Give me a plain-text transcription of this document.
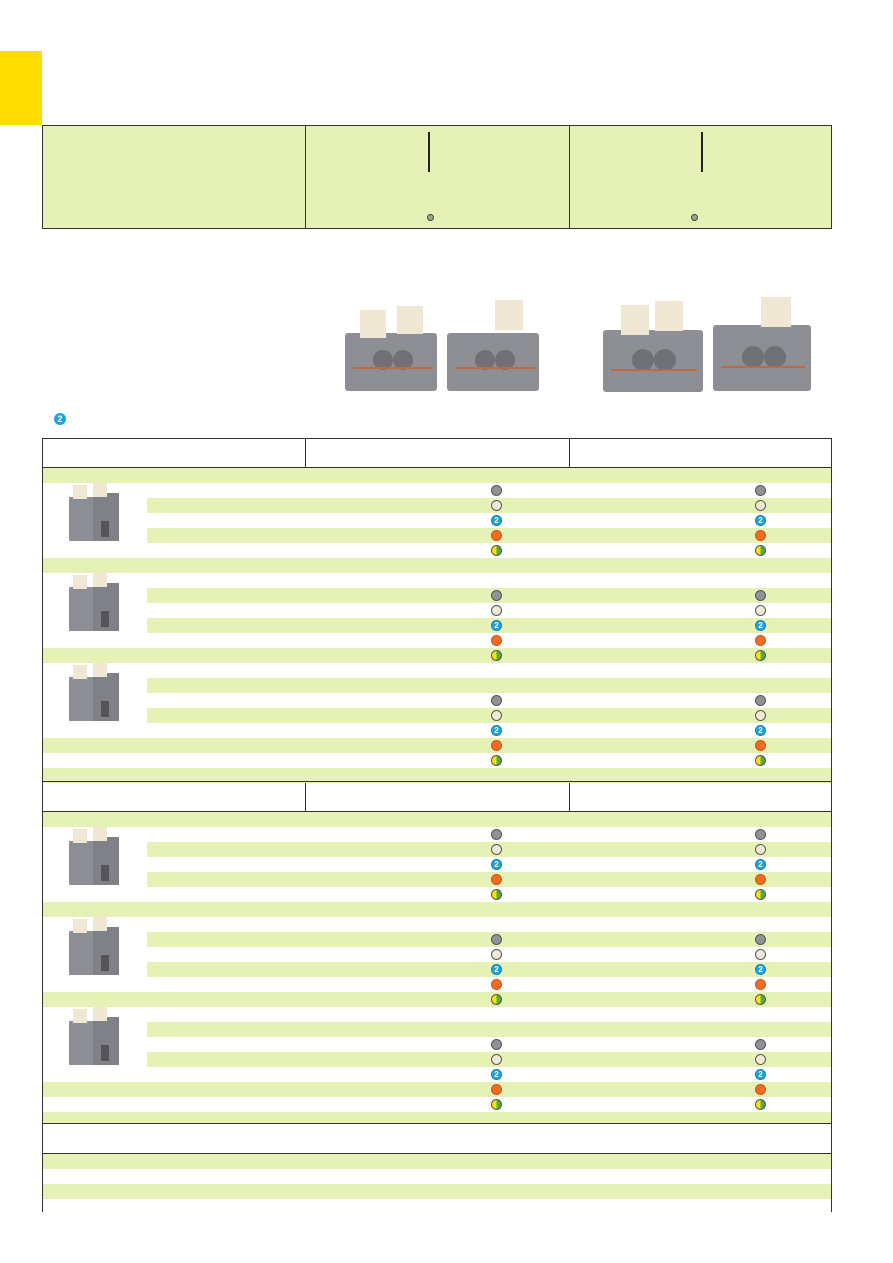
2
2	2
2	2
2	2
2	2
2	2
2	2
